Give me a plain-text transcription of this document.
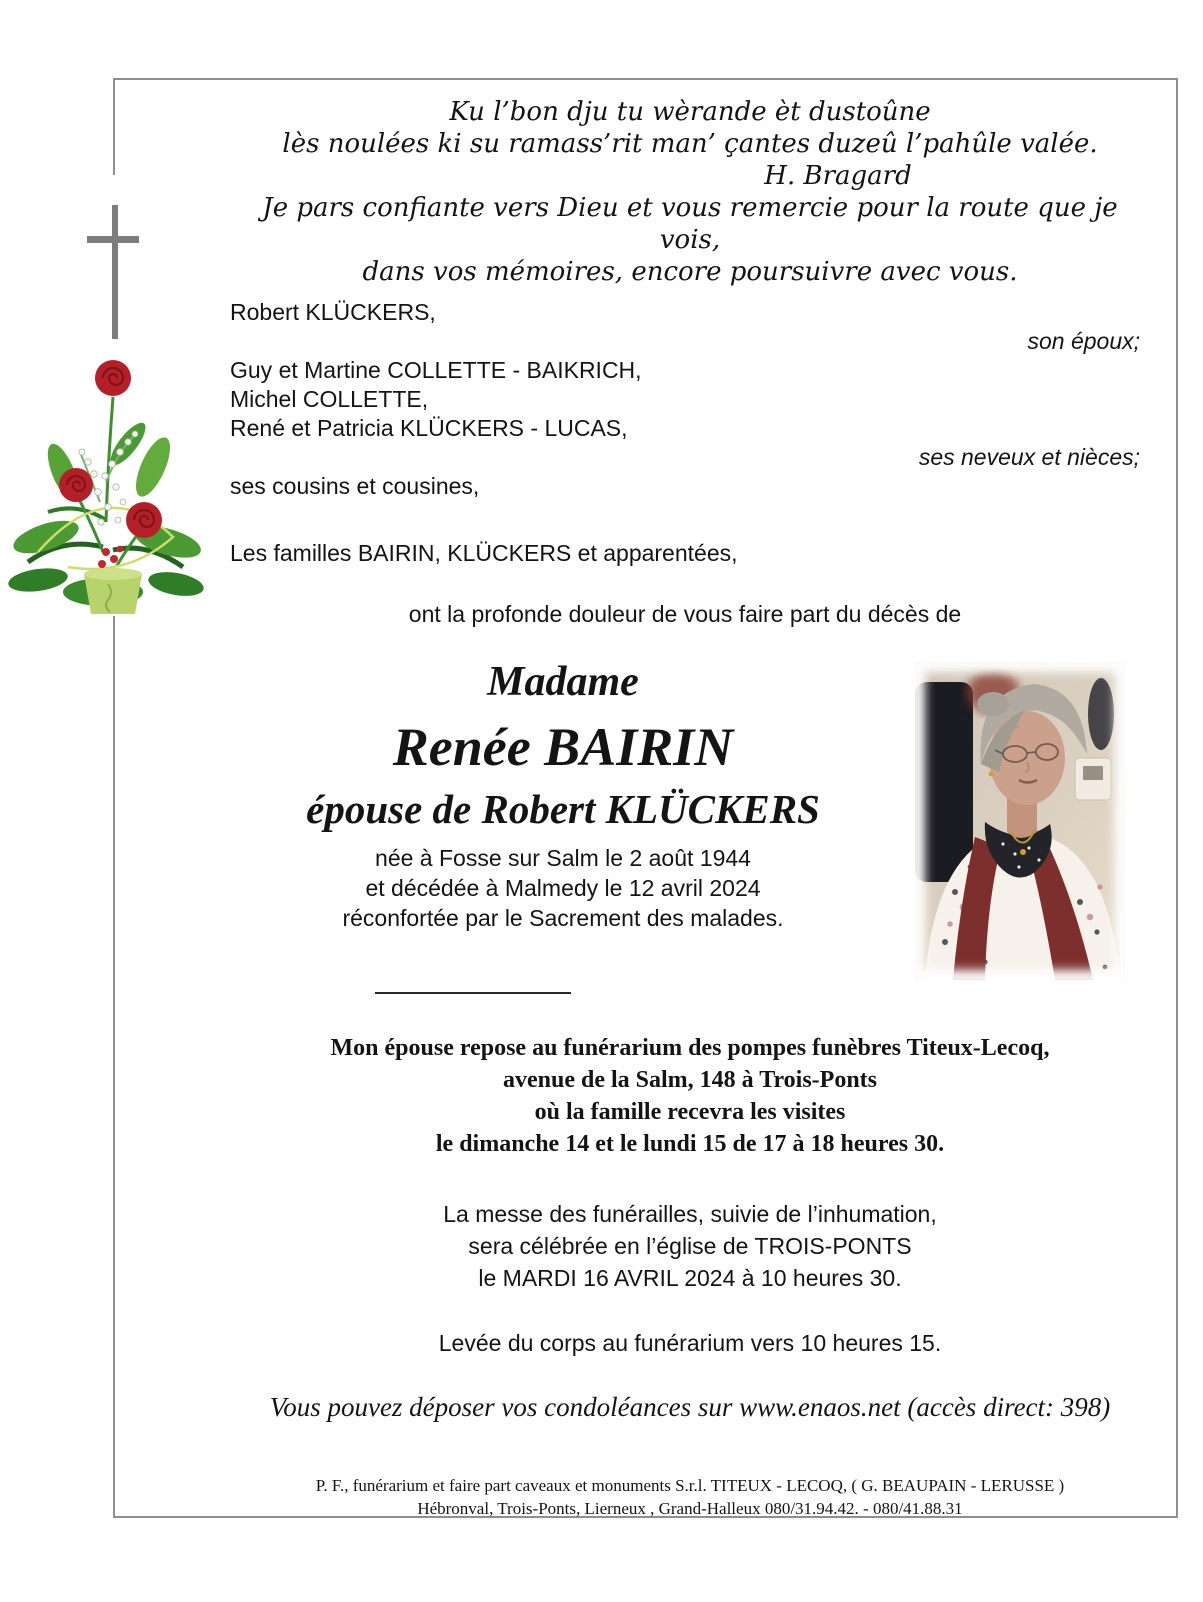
Ku l’bon dju tu wèrande èt dustoûne
lès noulées ki su ramass’rit man’ çantes duzeû l’pahûle valée.
H. Bragard
Je pars confiante vers Dieu et vous remercie pour la route que je vois,
dans vos mémoires, encore poursuivre avec vous.
Robert KLÜCKERS,
son époux;
Guy et Martine COLLETTE - BAIKRICH,
Michel COLLETTE,
René et Patricia KLÜCKERS - LUCAS,
ses neveux et nièces;
ses cousins et cousines,
Les familles BAIRIN, KLÜCKERS et apparentées,
ont la profonde douleur de vous faire part du décès de
Madame
Renée BAIRIN
épouse de Robert KLÜCKERS
née à Fosse sur Salm le 2 août 1944
et décédée à Malmedy le 12 avril 2024
réconfortée par le Sacrement des malades.
Mon épouse repose au funérarium des pompes funèbres Titeux-Lecoq,
avenue de la Salm, 148 à Trois-Ponts
où la famille recevra les visites
le dimanche 14 et le lundi 15 de 17 à 18 heures 30.
La messe des funérailles, suivie de l’inhumation,
sera célébrée en l’église de TROIS-PONTS
le MARDI 16 AVRIL 2024 à 10 heures 30.
Levée du corps au funérarium vers 10 heures 15.
Vous pouvez déposer vos condoléances sur www.enaos.net (accès direct: 398)
P. F., funérarium et faire part caveaux et monuments S.r.l. TITEUX - LECOQ, ( G. BEAUPAIN - LERUSSE )
Hébronval, Trois-Ponts, Lierneux , Grand-Halleux 080/31.94.42. - 080/41.88.31
